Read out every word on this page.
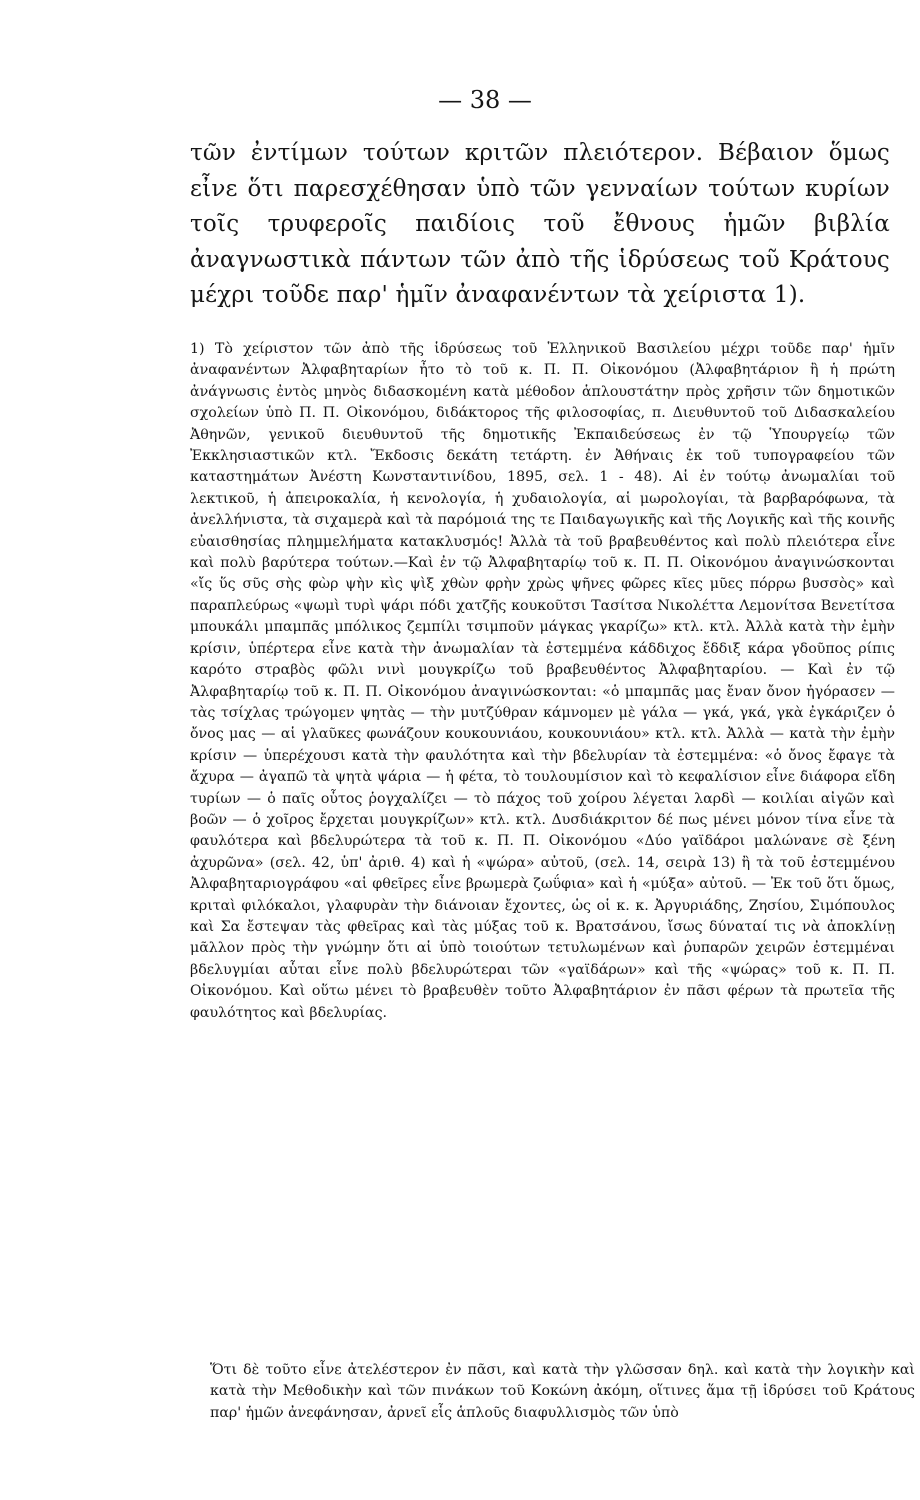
— 38 —

τῶν ἐντίμων τούτων κριτῶν πλειότερον. Βέβαιον ὅμως εἶνε ὅτι παρεσχέθησαν ὑπὸ τῶν γενναίων τούτων κυρίων τοῖς τρυφεροῖς παιδίοις τοῦ ἔθνους ἡμῶν βιβλία ἀναγνωστικὰ πάντων τῶν ἀπὸ τῆς ἱδρύσεως τοῦ Κράτους μέχρι τοῦδε παρ' ἡμῖν ἀναφανέντων τὰ χείριστα 1).

1) Τὸ χείριστον τῶν ἀπὸ τῆς ἱδρύσεως τοῦ Ἑλληνικοῦ Βασιλείου μέχρι τοῦδε παρ' ἡμῖν ἀναφανέντων Ἀλφαβηταρίων ἦτο τὸ τοῦ κ. Π. Π. Οἰκονόμου (Ἀλφαβητάριον ἢ ἡ πρώτη ἀνάγνωσις ἐντὸς μηνὸς διδασκομένη κατὰ μέθοδον ἁπλουστάτην πρὸς χρῆσιν τῶν δημοτικῶν σχολείων ὑπὸ Π. Π. Οἰκονόμου, διδάκτορος τῆς φιλοσοφίας, π. Διευθυντοῦ τοῦ Διδασκαλείου Ἀθηνῶν, γενικοῦ διευθυντοῦ τῆς δημοτικῆς Ἐκπαιδεύσεως ἐν τῷ Ὑπουργείῳ τῶν Ἐκκλησιαστικῶν κτλ. Ἔκδοσις δεκάτη τετάρτη. ἐν Ἀθήναις ἐκ τοῦ τυπογραφείου τῶν καταστημάτων Ἀνέστη Κωνσταντινίδου, 1895, σελ. 1 - 48). Αἱ ἐν τούτῳ ἀνωμαλίαι τοῦ λεκτικοῦ, ἡ ἀπειροκαλία, ἡ κενολογία, ἡ χυδαιολογία, αἱ μωρολογίαι, τὰ βαρβαρόφωνα, τὰ ἀνελλήνιστα, τὰ σιχαμερὰ καὶ τὰ παρόμοιά της τε Παιδαγωγικῆς καὶ τῆς Λογικῆς καὶ τῆς κοινῆς εὐαισθησίας πλημμελήματα κατακλυσμός! Ἀλλὰ τὰ τοῦ βραβευθέντος καὶ πολὺ πλειότερα εἶνε καὶ πολὺ βαρύτερα τούτων.—Καὶ ἐν τῷ Ἀλφαβηταρίῳ τοῦ κ. Π. Π. Οἰκονόμου ἀναγινώσκονται «ἴς ὕς σῦς σὴς φὼρ ψὴν κὶς ψὶξ χθὼν φρὴν χρὼς ψῆνες φῶρες κῖες μῦες πόρρω βυσσὸς» καὶ παραπλεύρως «ψωμὶ τυρὶ ψάρι πόδι χατζῆς κουκοῦτσι Τασίτσα Νικολέττα Λεμονίτσα Βενετίτσα μπουκάλι μπαμπᾶς μπόλικος ζεμπίλι τσιμποῦν μάγκας γκαρίζω» κτλ. κτλ. Ἀλλὰ κατὰ τὴν ἐμὴν κρίσιν, ὑπέρτερα εἶνε κατὰ τὴν ἀνωμαλίαν τὰ ἐστεμμένα κάδδιχος ἔδδιξ κάρα γδοῦπος ρίπις καρότο στραβὸς φῶλι νινὶ μουγκρίζω τοῦ βραβευθέντος Ἀλφαβηταρίου. — Καὶ ἐν τῷ Ἀλφαβηταρίῳ τοῦ κ. Π. Π. Οἰκονόμου ἀναγινώσκονται: «ὁ μπαμπᾶς μας ἔναν ὄνον ἠγόρασεν — τὰς τσίχλας τρώγομεν ψητὰς — τὴν μυτζύθραν κάμνομεν μὲ γάλα — γκά, γκά, γκὰ ἐγκάριζεν ὁ ὄνος μας — αἱ γλαῦκες φωνάζουν κουκουνιάου, κουκουνιάου» κτλ. κτλ. Ἀλλὰ — κατὰ τὴν ἐμὴν κρίσιν — ὑπερέχουσι κατὰ τὴν φαυλότητα καὶ τὴν βδελυρίαν τὰ ἐστεμμένα: «ὁ ὄνος ἔφαγε τὰ ἄχυρα — ἀγαπῶ τὰ ψητὰ ψάρια — ἡ φέτα, τὸ τουλουμίσιον καὶ τὸ κεφαλίσιον εἶνε διάφορα εἴδη τυρίων — ὁ παῖς οὗτος ῥογχαλίζει — τὸ πάχος τοῦ χοίρου λέγεται λαρδὶ — κοιλίαι αἰγῶν καὶ βοῶν — ὁ χοῖρος ἔρχεται μουγκρίζων» κτλ. κτλ. Δυσδιάκριτον δέ πως μένει μόνον τίνα εἶνε τὰ φαυλότερα καὶ βδελυρώτερα τὰ τοῦ κ. Π. Π. Οἰκονόμου «Δύο γαϊδάροι μαλώνανε σὲ ξένη ἀχυρῶνα» (σελ. 42, ὑπ' ἀριθ. 4) καὶ ἡ «ψώρα» αὐτοῦ, (σελ. 14, σειρὰ 13) ἢ τὰ τοῦ ἐστεμμένου Ἀλφαβηταριογράφου «αἱ φθεῖρες εἶνε βρωμερὰ ζωΰφια» καὶ ἡ «μύξα» αὐτοῦ. — Ἐκ τοῦ ὅτι ὅμως, κριταὶ φιλόκαλοι, γλαφυρὰν τὴν διάνοιαν ἔχοντες, ὡς οἱ κ. κ. Ἀργυριάδης, Ζησίου, Σιμόπουλος καὶ Σα ἔστεψαν τὰς φθεῖρας καὶ τὰς μύξας τοῦ κ. Βρατσάνου, ἴσως δύναταί τις νὰ ἀποκλίνῃ μᾶλλον πρὸς τὴν γνώμην ὅτι αἱ ὑπὸ τοιούτων τετυλωμένων καὶ ῥυπαρῶν χειρῶν ἐστεμμέναι βδελυγμίαι αὗται εἶνε πολὺ βδελυρώτεραι τῶν «γαϊδάρων» καὶ τῆς «ψώρας» τοῦ κ. Π. Π. Οἰκονόμου. Καὶ οὕτω μένει τὸ βραβευθὲν τοῦτο Ἀλφαβητάριον ἐν πᾶσι φέρων τὰ πρωτεῖα τῆς φαυλότητος καὶ βδελυρίας.

Ὅτι δὲ τοῦτο εἶνε ἀτελέστερον ἐν πᾶσι, καὶ κατὰ τὴν γλῶσσαν δηλ. καὶ κατὰ τὴν λογικὴν καὶ κατὰ τὴν Μεθοδικὴν καὶ τῶν πινάκων τοῦ Κοκώνη ἀκόμη, οἵτινες ἅμα τῇ ἱδρύσει τοῦ Κράτους παρ' ἡμῶν ἀνεφάνησαν, ἀρνεῖ εἷς ἁπλοῦς διαφυλλισμὸς τῶν ὑπὸ
